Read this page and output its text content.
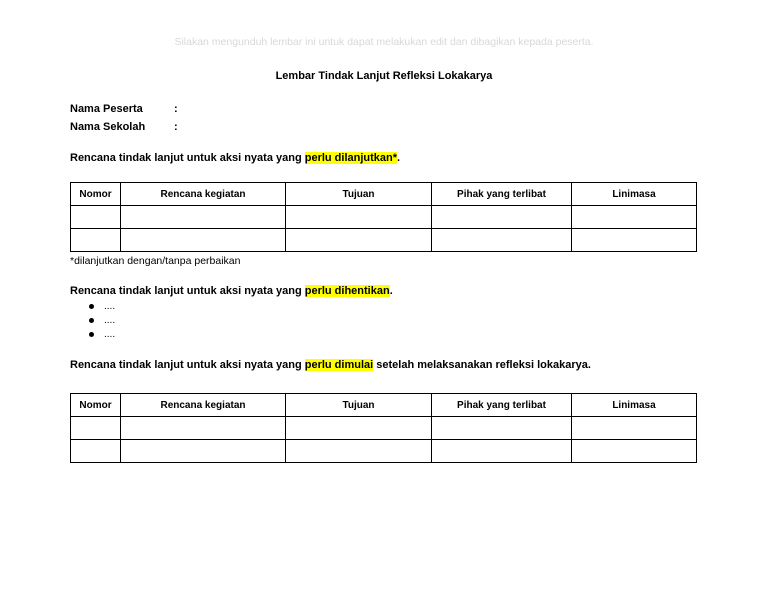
Silakan mengunduh lembar ini untuk dapat melakukan edit dan dibagikan kepada peserta.
Lembar Tindak Lanjut Refleksi Lokakarya
Nama Peserta	:
Nama Sekolah	:
Rencana tindak lanjut untuk aksi nyata yang perlu dilanjutkan*.
Nomor	Rencana kegiatan	Tujuan	Pihak yang terlibat	Linimasa

*dilanjutkan dengan/tanpa perbaikan
Rencana tindak lanjut untuk aksi nyata yang perlu dihentikan.
....
....
....
Rencana tindak lanjut untuk aksi nyata yang perlu dimulai setelah melaksanakan refleksi lokakarya.
Nomor	Rencana kegiatan	Tujuan	Pihak yang terlibat	Linimasa
